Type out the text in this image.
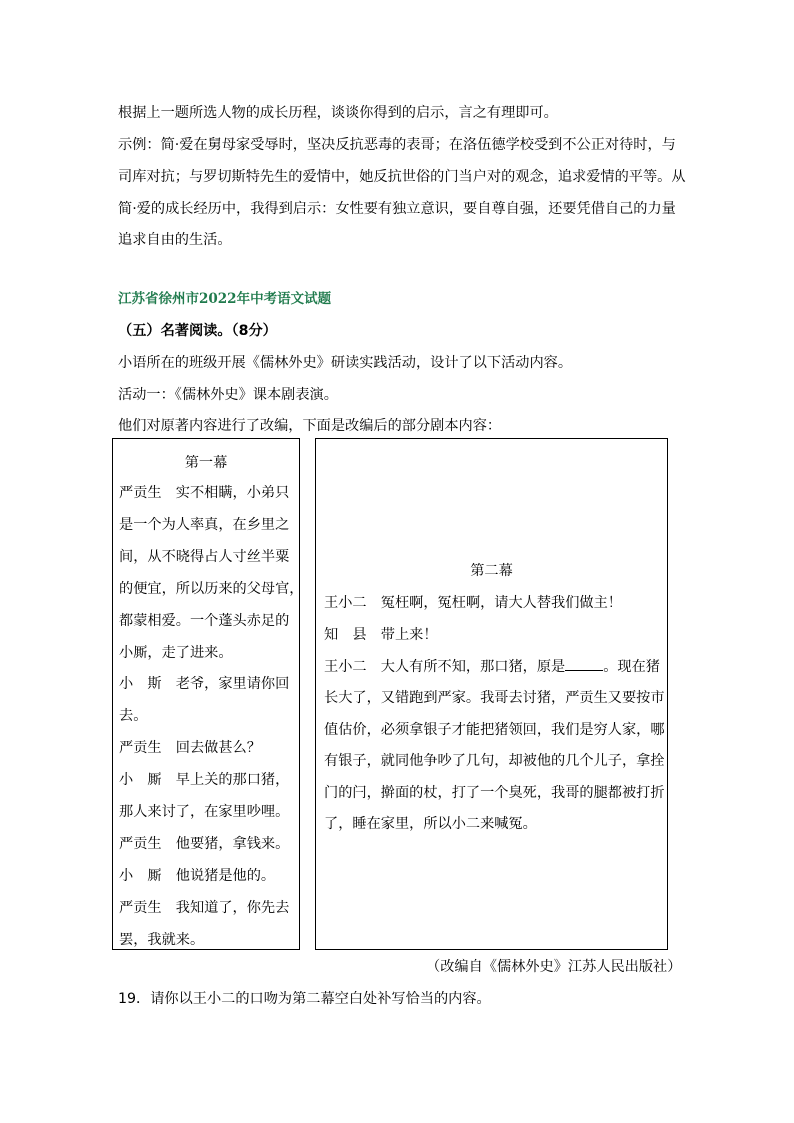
根据上一题所选人物的成长历程，谈谈你得到的启示，言之有理即可。
示例：简·爱在舅母家受辱时，坚决反抗恶毒的表哥；在洛伍德学校受到不公正对待时，与
司库对抗；与罗切斯特先生的爱情中，她反抗世俗的门当户对的观念，追求爱情的平等。从
简·爱的成长经历中，我得到启示：女性要有独立意识，要自尊自强，还要凭借自己的力量
追求自由的生活。
江苏省徐州市2022年中考语文试题
（五）名著阅读。（8分）
小语所在的班级开展《儒林外史》研读实践活动，设计了以下活动内容。
活动一：《儒林外史》课本剧表演。
他们对原著内容进行了改编，下面是改编后的部分剧本内容：
第一幕
严贡生　实不相瞒，小弟只
是一个为人率真，在乡里之
间，从不晓得占人寸丝半粟
的便宜，所以历来的父母官，
都蒙相爱。一个蓬头赤足的
小厮，走了进来。
小　斯　老爷，家里请你回
去。
严贡生　回去做甚么？
小　厮　早上关的那口猪，
那人来讨了，在家里吵哩。
严贡生　他要猪，拿钱来。
小　厮　他说猪是他的。
严贡生　我知道了，你先去
罢，我就来。
第二幕
王小二　冤枉啊，冤枉啊，请大人替我们做主！
知　县　带上来！
王小二　大人有所不知，那口猪，原是	。现在猪
长大了，又错跑到严家。我哥去讨猪，严贡生又要按市
值估价，必须拿银子才能把猪领回，我们是穷人家，哪
有银子，就同他争吵了几句，却被他的几个儿子，拿拴
门的闩，擀面的杖，打了一个臭死，我哥的腿都被打折
了，睡在家里，所以小二来喊冤。
（改编自《儒林外史》江苏人民出版社）
19．请你以王小二的口吻为第二幕空白处补写恰当的内容。
